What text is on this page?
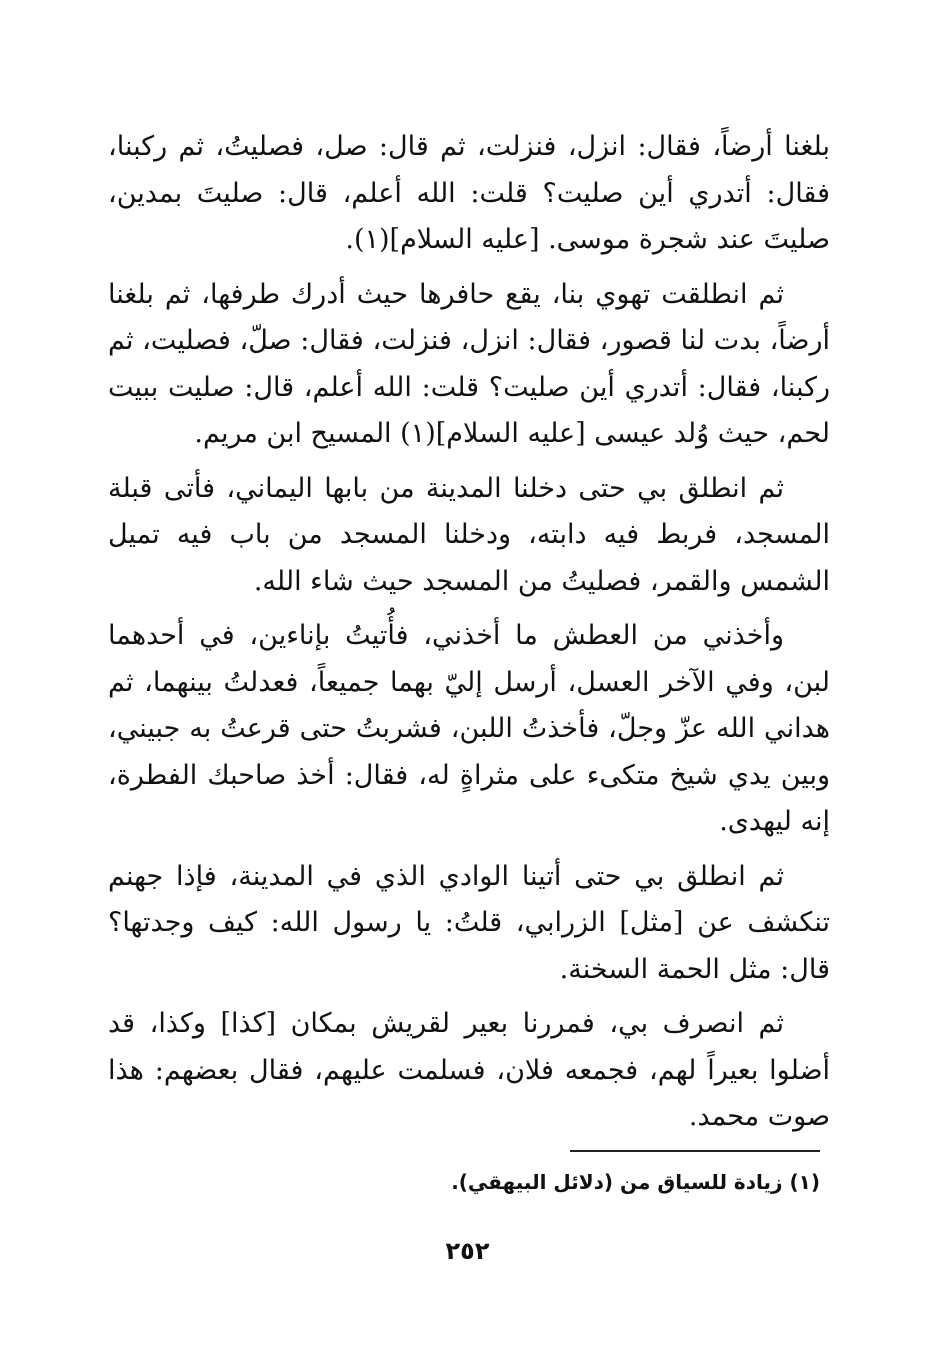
بلغنا أرضاً، فقال: انزل، فنزلت، ثم قال: صل، فصليتُ، ثم ركبنا، فقال: أتدري أين صليت؟ قلت: الله أعلم، قال: صليتَ بمدين، صليتَ عند شجرة موسى. [عليه السلام](١).

ثم انطلقت تهوي بنا، يقع حافرها حيث أدرك طرفها، ثم بلغنا أرضاً، بدت لنا قصور، فقال: انزل، فنزلت، فقال: صلّ، فصليت، ثم ركبنا، فقال: أتدري أين صليت؟ قلت: الله أعلم، قال: صليت ببيت لحم، حيث وُلد عيسى [عليه السلام](١) المسيح ابن مريم.

ثم انطلق بي حتى دخلنا المدينة من بابها اليماني، فأتى قبلة المسجد، فربط فيه دابته، ودخلنا المسجد من باب فيه تميل الشمس والقمر، فصليتُ من المسجد حيث شاء الله.

وأخذني من العطش ما أخذني، فأُتيتُ بإناءين، في أحدهما لبن، وفي الآخر العسل، أرسل إليّ بهما جميعاً، فعدلتُ بينهما، ثم هداني الله عزّ وجلّ، فأخذتُ اللبن، فشربتُ حتى قرعتُ به جبيني، وبين يدي شيخ متكىء على مثراةٍ له، فقال: أخذ صاحبك الفطرة، إنه ليهدى.

ثم انطلق بي حتى أتينا الوادي الذي في المدينة، فإذا جهنم تنكشف عن [مثل] الزرابي، قلتُ: يا رسول الله: كيف وجدتها؟ قال: مثل الحمة السخنة.

ثم انصرف بي، فمررنا بعير لقريش بمكان [كذا] وكذا، قد أضلوا بعيراً لهم، فجمعه فلان، فسلمت عليهم، فقال بعضهم: هذا صوت محمد.

(١) زيادة للسياق من (دلائل البيهقي).
٢٥٢
